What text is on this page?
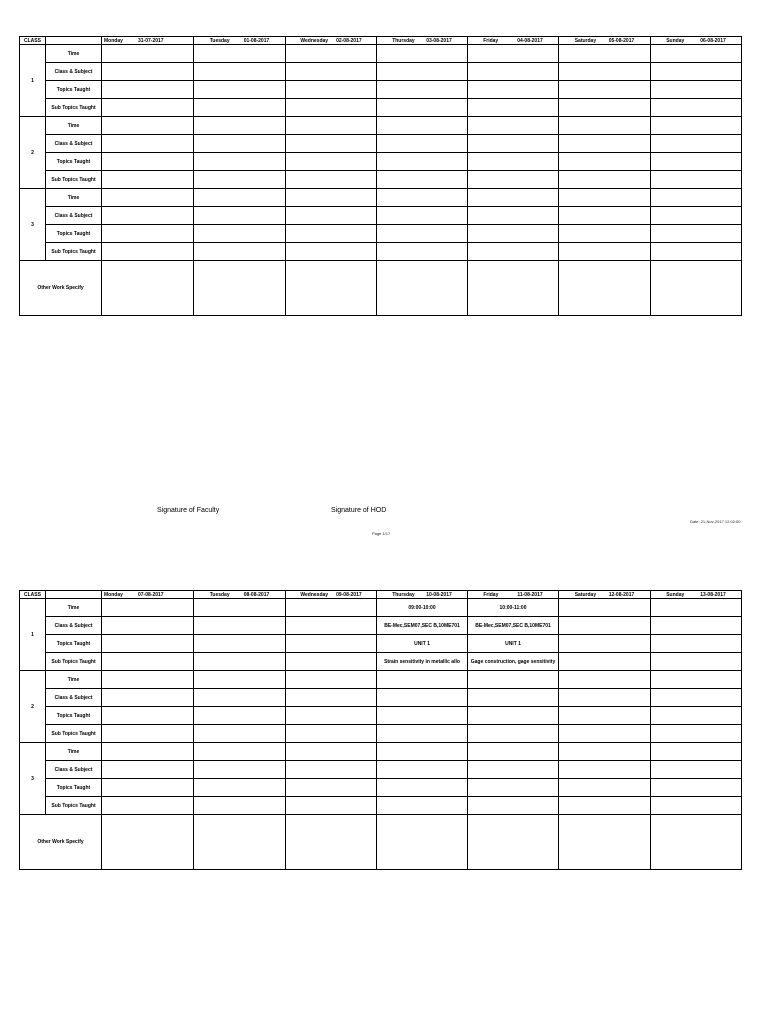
CLASS		Monday 31-07-2017	Tuesday 01-08-2017	Wednesday 02-08-2017	Thursday 03-08-2017	Friday 04-08-2017	Saturday 05-08-2017	Sunday 06-08-2017
1	Time							
	Class & Subject							
	Topics Taught							
	Sub Topics Taught							
2	Time							
	Class & Subject							
	Topics Taught							
	Sub Topics Taught							
3	Time							
	Class & Subject							
	Topics Taught							
	Sub Topics Taught							
Other Work Specify								
Signature of Faculty	Signature of HOD
Date: 21-Nov-2017 12:02:00
Page 1/17
CLASS		Monday 07-08-2017	Tuesday 08-08-2017	Wednesday 09-08-2017	Thursday 10-08-2017	Friday 11-08-2017	Saturday 12-08-2017	Sunday 13-08-2017
1	Time				09:00-10:00	10:00-11:00		
	Class & Subject				BE-Mec,SEM07,SEC B,10ME701	BE-Mec,SEM07,SEC B,10ME701		
	Topics Taught				UNIT 1	UNIT 1		
	Sub Topics Taught				Strain sensitivity in metallic allo	Gage construction, gage sensitivity		
2	Time							
	Class & Subject							
	Topics Taught							
	Sub Topics Taught							
3	Time							
	Class & Subject							
	Topics Taught							
	Sub Topics Taught							
Other Work Specify								
